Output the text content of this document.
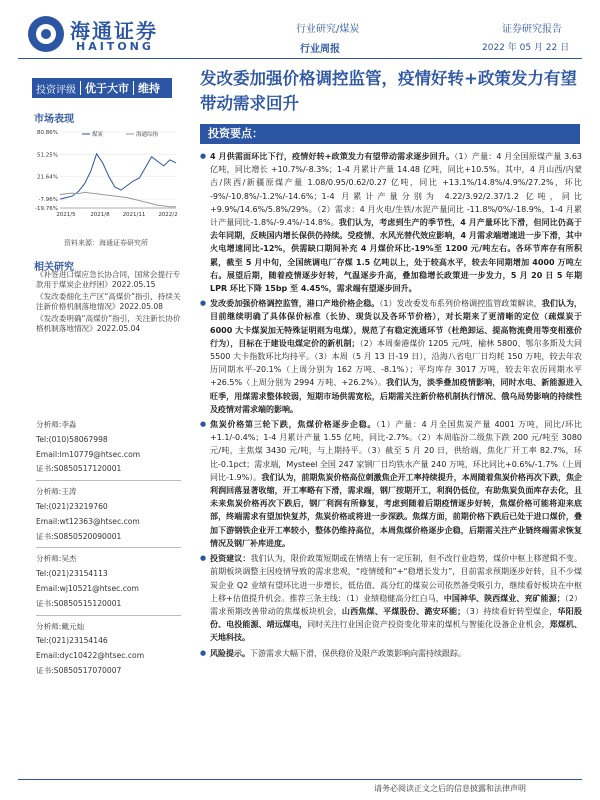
海通证券
HAITONG
行业研究/煤炭
行业周报
证券研究报告
2022 年 05 月 22 日
投资评级 优于大市 维持
市场表现
80.86%
51.25%
21.64%
-7.96%
-19.76%
2021/5	2021/8 2021/11 2022/2
煤炭	海通综指
资料来源：海通证券研究所
相关研究
《补签进口煤应急长协合同，国常会提行专款用于煤炭企业纾困》2022.05.15
《发改委细化主产区“高煤价”指引，持续关注新价格机制落地情况》2022.05.08
《发改委明确“高煤价”指引，关注新长协价格机制落地情况》2022.05.04
分析师:李淼
Tel:(010)58067998
Email:lm10779@htsec.com
证书:S0850517120001
分析师:王涛
Tel:(021)23219760
Email:wt12363@htsec.com
证书:S0850520090001
分析师:吴杰
Tel:(021)23154113
Email:wj10521@htsec.com
证书:S0850515120001
分析师:戴元灿
Tel:(021)23154146
Email:dyc10422@htsec.com
证书:S0850517070007
发改委加强价格调控监管，疫情好转+政策发力有望带动需求回升
投资要点：
● 4 月供需面环比下行，疫情好转+政策发力有望带动需求逐步回升。（1）产量：4 月全国原煤产量 3.63 亿吨，同比增长 +10.7%/-8.3%；1-4 月累计产量 14.48 亿吨，同比+10.5%。其中，4 月山西/内蒙古/陕西/新疆原煤产量 1.08/0.95/0.62/0.27 亿吨，同比 +13.1%/14.8%/4.9%/27.2%，环比 -9%/-10.8%/-1.2%/-14.6%；1-4 月累计产量分别为 4.22/3.92/2.37/1.2 亿吨，同比+9.9%/14.6%/5.8%/29%。（2）需求：4 月火电/生铁/水泥产量同比 -11.8%/0%/-18.9%，1-4 月累计产量同比-1.8%/-9.4%/-14.8%。我们认为，考虑到生产的季节性，4 月产量环比下滑，但同比仍高于去年同期，反映国内增长保供仍持续。受疫情、水风光替代效应影响，4 月需求端增速进一步下滑，其中火电增速同比-12%，供需缺口期间补充 4 月煤价环比-19%至 1200 元/吨左右。各环节库存有所积累，截至 5 月中旬，全国统调电厂存煤 1.5 亿吨以上，处于较高水平，较去年同期增加 4000 万吨左右。展望后期，随着疫情逐步好转，气温逐步升高，叠加稳增长政策进一步发力，5 月 20 日 5 年期 LPR 环比下降 15bp 至 4.45%，需求端有望逐步回升。
● 发改委加强价格调控监管，港口产地价格企稳。（1）发改委发布系列价格调控监管政策解读，我们认为，目前继续明确了具体保价标准（长协、现货以及各环节价格），对长期来了更清晰的定位（疏煤炭于 6000 大卡煤炭加无特殊证明则为电煤），规范了有稳定流通环节（杜绝卸运、提高物流费用等变相涨价行为），目标在于建设电煤定价的新机制；（2）本周秦港煤价 1205 元/吨，榆林 5800、鄂尔多斯及大同 5500 大卡指数环比均持平。（3）本周（5 月 13 日-19 日），沿海八省电厂日均耗 150 万吨，较去年农历同期水平-20.1%（上周分别为 162 万吨、-8.1%）；平均库存 3017 万吨，较去年农历同期水平+26.5%（上周分别为 2994 万吨、+26.2%）。我们认为，淡季叠加疫情影响，同时水电、新能源进入旺季，用煤需求整体较弱，短期市场供需宽松，后期需关注新价格机制执行情况、俄乌局势影响的持续性及疫情对需求端的影响。
● 焦炭价格第三轮下跌，焦煤价格逐步企稳。（1）产量：4 月全国焦炭产量 4001 万吨，同比/环比+1.1/-0.4%；1-4 月累计产量 1.55 亿吨，同比-2.7%。（2）本周临汾二级焦下跌 200 元/吨至 3080 元/吨，主焦煤 3430 元/吨，与上期持平。（3）截至 5 月 20 日，供给端，焦化厂开工率 82.7%，环比-0.1pct；需求端，Mysteel 全国 247 家钢厂日均铁水产量 240 万吨，环比同比+0.6%/-1.7%（上周同比-1.9%）。我们认为，前期焦炭价格高位刺激焦企开工率持续提升，本周随着焦炭价格再次下跌，焦企利润回落显著收缩，开工率略有下滑，需求端，钢厂按期开工，利润仍低位，有助焦炭负面库存去化，且未来焦炭价格再次下跌后，钢厂利润有所修复，考虑到随着后期疫情逐步好转，焦煤价格可能将迎来底部，终端需求有望加快复苏，焦炭价格或将进一步深跌。焦煤方面，前期价格下跌后已处于进口煤价，叠加下游钢铁企业开工率较小，整体仍维持高位，本周焦煤价格逐步企稳，后期需关注产业链终端需求恢复情况及钢厂补库进度。
● 投资建议：我们认为，限价政策短期或在情绪上有一定压制，但不改行业趋势，煤价中枢上移逻辑不变。前期板块调整主因疫情导致的需求悲观，“疫情缓和”+“稳增长发力”，目前需求预期逐步好转，且不少煤炭企业 Q2 业绩有望环比进一步增长，低估值、高分红的煤炭公司依然备受吸引力，继续看好板块在中枢上移+估值提升机会。推荐三条主线：（1）业绩稳健高分红白马，中国神华、陕西煤业、兖矿能源；（2）需求预期改善带动的焦煤板块机会，山西焦煤、平煤股份、潞安环能；（3）持续看好转型煤企，华阳股份、电投能源、靖远煤电，同时关注行业国企资产投资变化带来的煤机与智能化设备企业机会，郑煤机、天地科技。
● 风险提示。下游需求大幅下滑，保供稳价及限产政策影响向需持续跟踪。
请务必阅读正文之后的信息披露和法律声明
